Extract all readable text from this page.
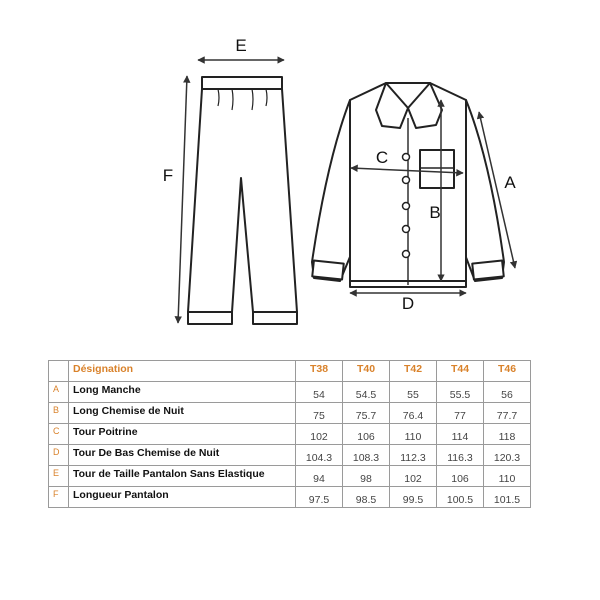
E
F
C
B
A
D
	Désignation	T38	T40	T42	T44	T46
A	Long Manche	54	54.5	55	55.5	56
B	Long Chemise de Nuit	75	75.7	76.4	77	77.7
C	Tour Poitrine	102	106	110	114	118
D	Tour De Bas Chemise de Nuit	104.3	108.3	112.3	116.3	120.3
E	Tour de Taille Pantalon Sans Elastique	94	98	102	106	110
F	Longueur Pantalon	97.5	98.5	99.5	100.5	101.5
